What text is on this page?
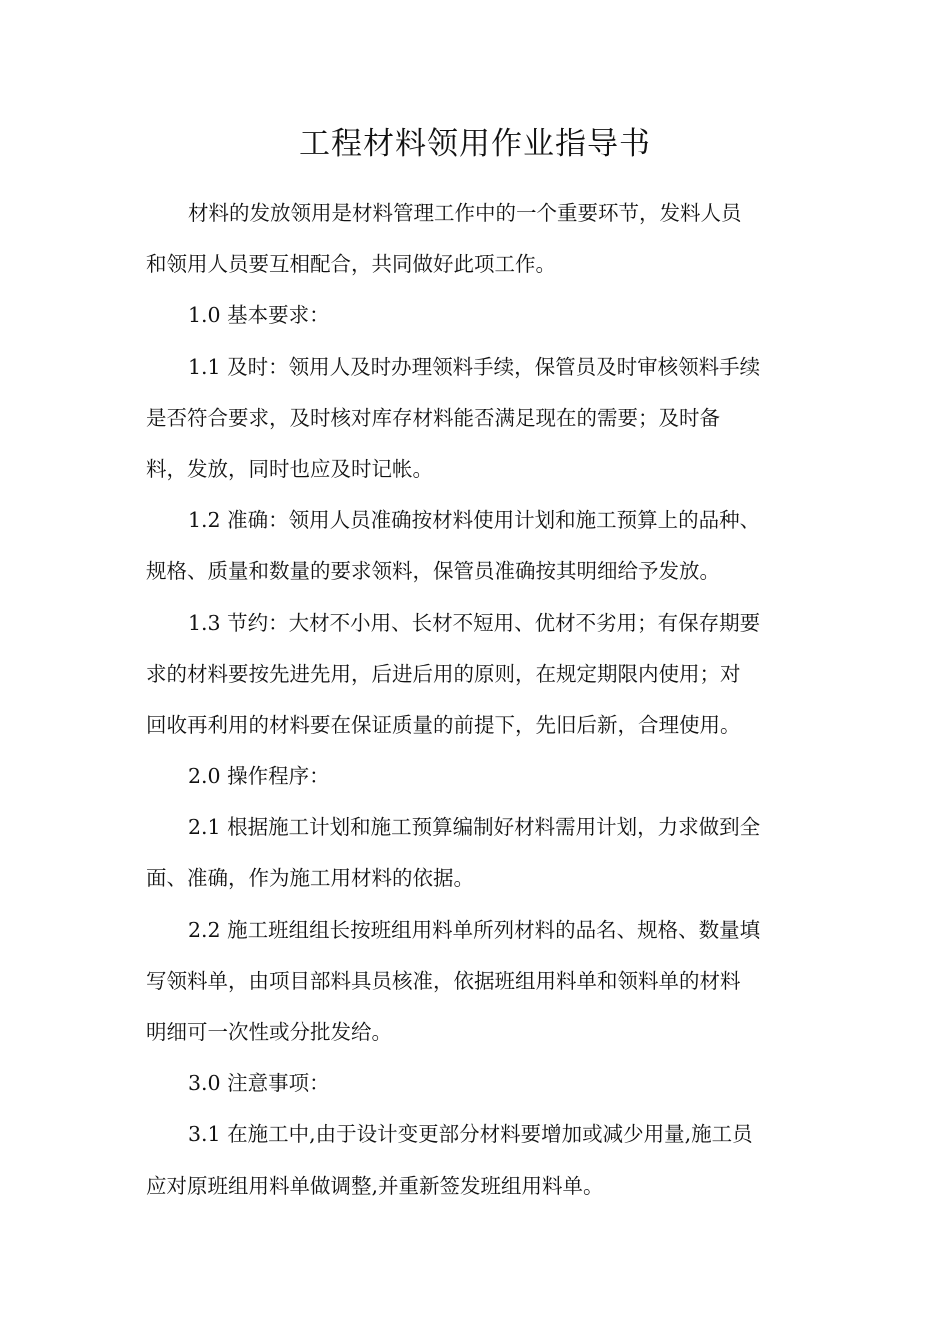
工程材料领用作业指导书
材料的发放领用是材料管理工作中的一个重要环节，发料人员
和领用人员要互相配合，共同做好此项工作。
1.0 基本要求：
1.1 及时：领用人及时办理领料手续，保管员及时审核领料手续
是否符合要求，及时核对库存材料能否满足现在的需要；及时备
料，发放，同时也应及时记帐。
1.2 准确：领用人员准确按材料使用计划和施工预算上的品种、
规格、质量和数量的要求领料，保管员准确按其明细给予发放。
1.3 节约：大材不小用、长材不短用、优材不劣用；有保存期要
求的材料要按先进先用，后进后用的原则，在规定期限内使用；对
回收再利用的材料要在保证质量的前提下，先旧后新，合理使用。
2.0 操作程序：
2.1 根据施工计划和施工预算编制好材料需用计划，力求做到全
面、准确，作为施工用材料的依据。
2.2 施工班组组长按班组用料单所列材料的品名、规格、数量填
写领料单，由项目部料具员核准，依据班组用料单和领料单的材料
明细可一次性或分批发给。
3.0 注意事项：
3.1 在施工中,由于设计变更部分材料要增加或减少用量,施工员
应对原班组用料单做调整,并重新签发班组用料单。
